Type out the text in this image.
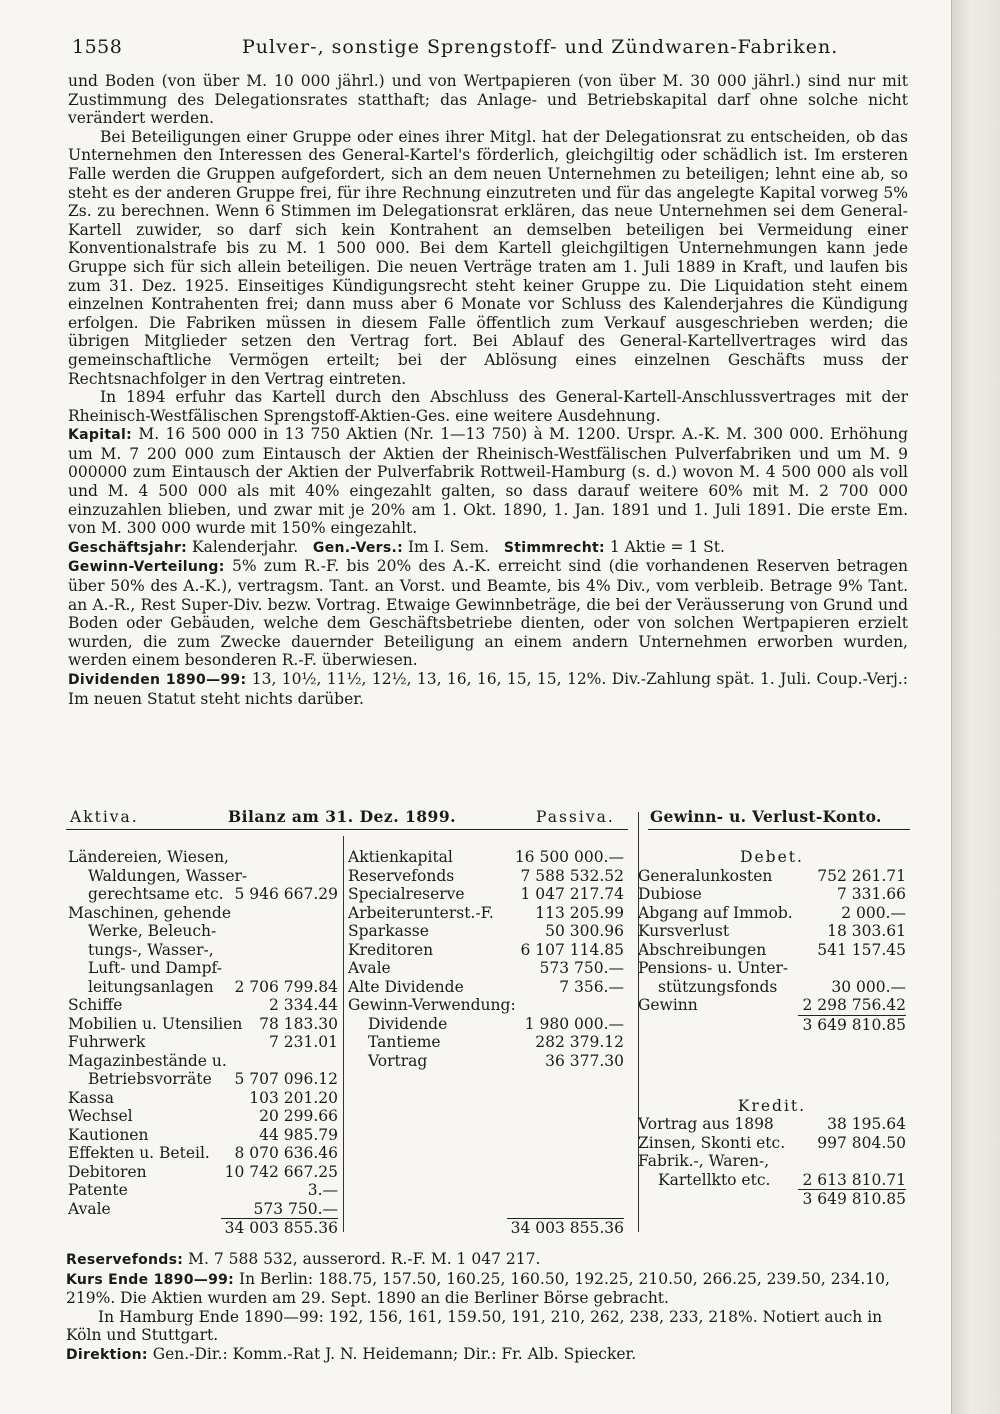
1558	Pulver-, sonstige Sprengstoff- und Zündwaren-Fabriken.

und Boden (von über M. 10 000 jährl.) und von Wertpapieren (von über M. 30 000 jährl.) sind nur mit Zustimmung des Delegationsrates statthaft; das Anlage- und Betriebskapital darf ohne solche nicht verändert werden.

Bei Beteiligungen einer Gruppe oder eines ihrer Mitgl. hat der Delegationsrat zu entscheiden, ob das Unternehmen den Interessen des General-Kartel's förderlich, gleichgiltig oder schädlich ist. Im ersteren Falle werden die Gruppen aufgefordert, sich an dem neuen Unternehmen zu beteiligen; lehnt eine ab, so steht es der anderen Gruppe frei, für ihre Rechnung einzutreten und für das angelegte Kapital vorweg 5% Zs. zu berechnen. Wenn 6 Stimmen im Delegationsrat erklären, das neue Unternehmen sei dem General-Kartell zuwider, so darf sich kein Kontrahent an demselben beteiligen bei Vermeidung einer Konventionalstrafe bis zu M. 1 500 000. Bei dem Kartell gleichgiltigen Unternehmungen kann jede Gruppe sich für sich allein beteiligen. Die neuen Verträge traten am 1. Juli 1889 in Kraft, und laufen bis zum 31. Dez. 1925. Einseitiges Kündigungsrecht steht keiner Gruppe zu. Die Liquidation steht einem einzelnen Kontrahenten frei; dann muss aber 6 Monate vor Schluss des Kalenderjahres die Kündigung erfolgen. Die Fabriken müssen in diesem Falle öffentlich zum Verkauf ausgeschrieben werden; die übrigen Mitglieder setzen den Vertrag fort. Bei Ablauf des General-Kartellvertrages wird das gemeinschaftliche Vermögen erteilt; bei der Ablösung eines einzelnen Geschäfts muss der Rechtsnachfolger in den Vertrag eintreten.

In 1894 erfuhr das Kartell durch den Abschluss des General-Kartell-Anschlussvertrages mit der Rheinisch-Westfälischen Sprengstoff-Aktien-Ges. eine weitere Ausdehnung.

Kapital: M. 16 500 000 in 13 750 Aktien (Nr. 1—13 750) à M. 1200. Urspr. A.-K. M. 300 000. Erhöhung um M. 7 200 000 zum Eintausch der Aktien der Rheinisch-Westfälischen Pulverfabriken und um M. 9 000000 zum Eintausch der Aktien der Pulverfabrik Rottweil-Hamburg (s. d.) wovon M. 4 500 000 als voll und M. 4 500 000 als mit 40% eingezahlt galten, so dass darauf weitere 60% mit M. 2 700 000 einzuzahlen blieben, und zwar mit je 20% am 1. Okt. 1890, 1. Jan. 1891 und 1. Juli 1891. Die erste Em. von M. 300 000 wurde mit 150% eingezahlt.

Geschäftsjahr: Kalenderjahr. Gen.-Vers.: Im I. Sem. Stimmrecht: 1 Aktie = 1 St.

Gewinn-Verteilung: 5% zum R.-F. bis 20% des A.-K. erreicht sind (die vorhandenen Reserven betragen über 50% des A.-K.), vertragsm. Tant. an Vorst. und Beamte, bis 4% Div., vom verbleib. Betrage 9% Tant. an A.-R., Rest Super-Div. bezw. Vortrag. Etwaige Gewinnbeträge, die bei der Veräusserung von Grund und Boden oder Gebäuden, welche dem Geschäftsbetriebe dienten, oder von solchen Wertpapieren erzielt wurden, die zum Zwecke dauernder Beteiligung an einem andern Unternehmen erworben wurden, werden einem besonderen R.-F. überwiesen.

Dividenden 1890—99: 13, 10½, 11½, 12½, 13, 16, 16, 15, 15, 12%. Div.-Zahlung spät. 1. Juli. Coup.-Verj.: Im neuen Statut steht nichts darüber.

Aktiva.	Bilanz am 31. Dez. 1899.	Passiva. Gewinn- u. Verlust-Konto.
Ländereien, Wiesen,
Waldungen, Wasser-
gerechtsame etc. 5 946 667.29
Maschinen, gehende
Werke, Beleuch-
tungs-, Wasser-,
Luft- und Dampf-
leitungsanlagen 2 706 799.84
Schiffe	2 334.44
Mobilien u. Utensilien 78 183.30
Fuhrwerk	7 231.01
Magazinbestände u.
Betriebsvorräte 5 707 096.12
Kassa	103 201.20
Wechsel	20 299.66
Kautionen	44 985.79
Effekten u. Beteil. 8 070 636.46
Debitoren	10 742 667.25
Patente	3.—
Avale	573 750.—
34 003 855.36
Aktienkapital	16 500 000.—
Reservefonds	7 588 532.52
Specialreserve	1 047 217.74
Arbeiterunterst.-F.	113 205.99
Sparkasse	50 300.96
Kreditoren	6 107 114.85
Avale	573 750.—
Alte Dividende	7 356.—
Gewinn-Verwendung:
Dividende	1 980 000.—
Tantieme	282 379.12
Vortrag	36 377.30
34 003 855.36
Debet.
Generalunkosten	752 261.71
Dubiose	7 331.66
Abgang auf Immob.	2 000.—
Kursverlust	18 303.61
Abschreibungen	541 157.45
Pensions- u. Unter-
stützungsfonds	30 000.—
Gewinn	2 298 756.42
3 649 810.85
Kredit.
Vortrag aus 1898	38 195.64
Zinsen, Skonti etc. 997 804.50
Fabrik.-, Waren-,
Kartellkto etc. 2 613 810.71
3 649 810.85

Reservefonds: M. 7 588 532, ausserord. R.-F. M. 1 047 217.

Kurs Ende 1890—99: In Berlin: 188.75, 157.50, 160.25, 160.50, 192.25, 210.50, 266.25, 239.50, 234.10, 219%. Die Aktien wurden am 29. Sept. 1890 an die Berliner Börse gebracht.

In Hamburg Ende 1890—99: 192, 156, 161, 159.50, 191, 210, 262, 238, 233, 218%. Notiert auch in Köln und Stuttgart.

Direktion: Gen.-Dir.: Komm.-Rat J. N. Heidemann; Dir.: Fr. Alb. Spiecker.
